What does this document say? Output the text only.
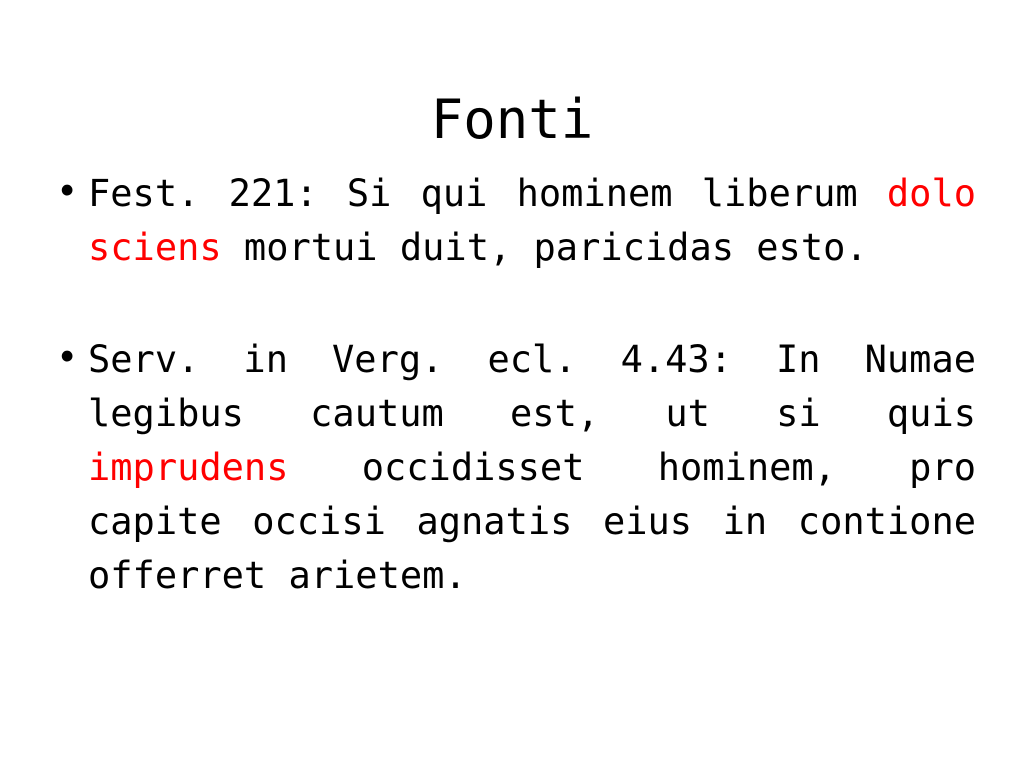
Fonti
• Fest. 221: Si qui hominem liberum dolo sciens mortui duit, paricidas esto.
• Serv. in Verg. ecl. 4.43: In Numae legibus cautum est, ut si quis imprudens occidisset hominem, pro capite occisi agnatis eius in contione offerret arietem.
